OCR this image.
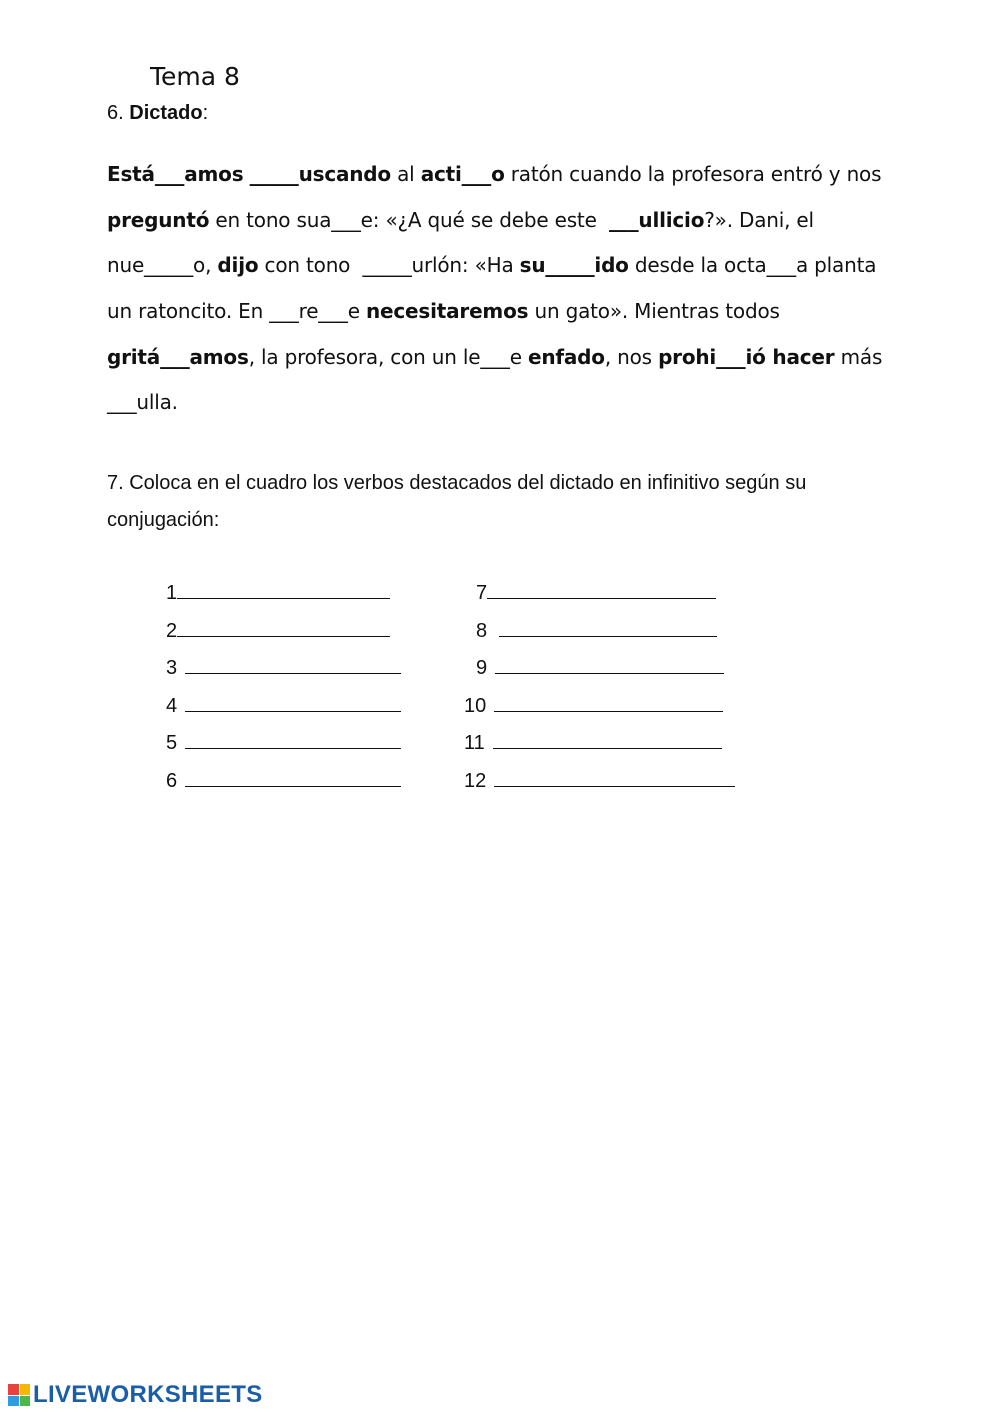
Tema 8
6. Dictado:
Está___amos _____uscando al acti___o ratón cuando la profesora entró y nos
preguntó en tono sua___e: «¿A qué se debe este  ___ullicio?». Dani, el
nue_____o, dijo con tono  _____urlón: «Ha su_____ido desde la octa___a planta
un ratoncito. En ___re___e necesitaremos un gato». Mientras todos
gritá___amos, la profesora, con un le___e enfado, nos prohi___ió hacer más
___ulla.
7. Coloca en el cuadro los verbos destacados del dictado en infinitivo según su conjugación:
1
2
3
4
5
6
7
8
9
10
11
12
LIVEWORKSHEETS
